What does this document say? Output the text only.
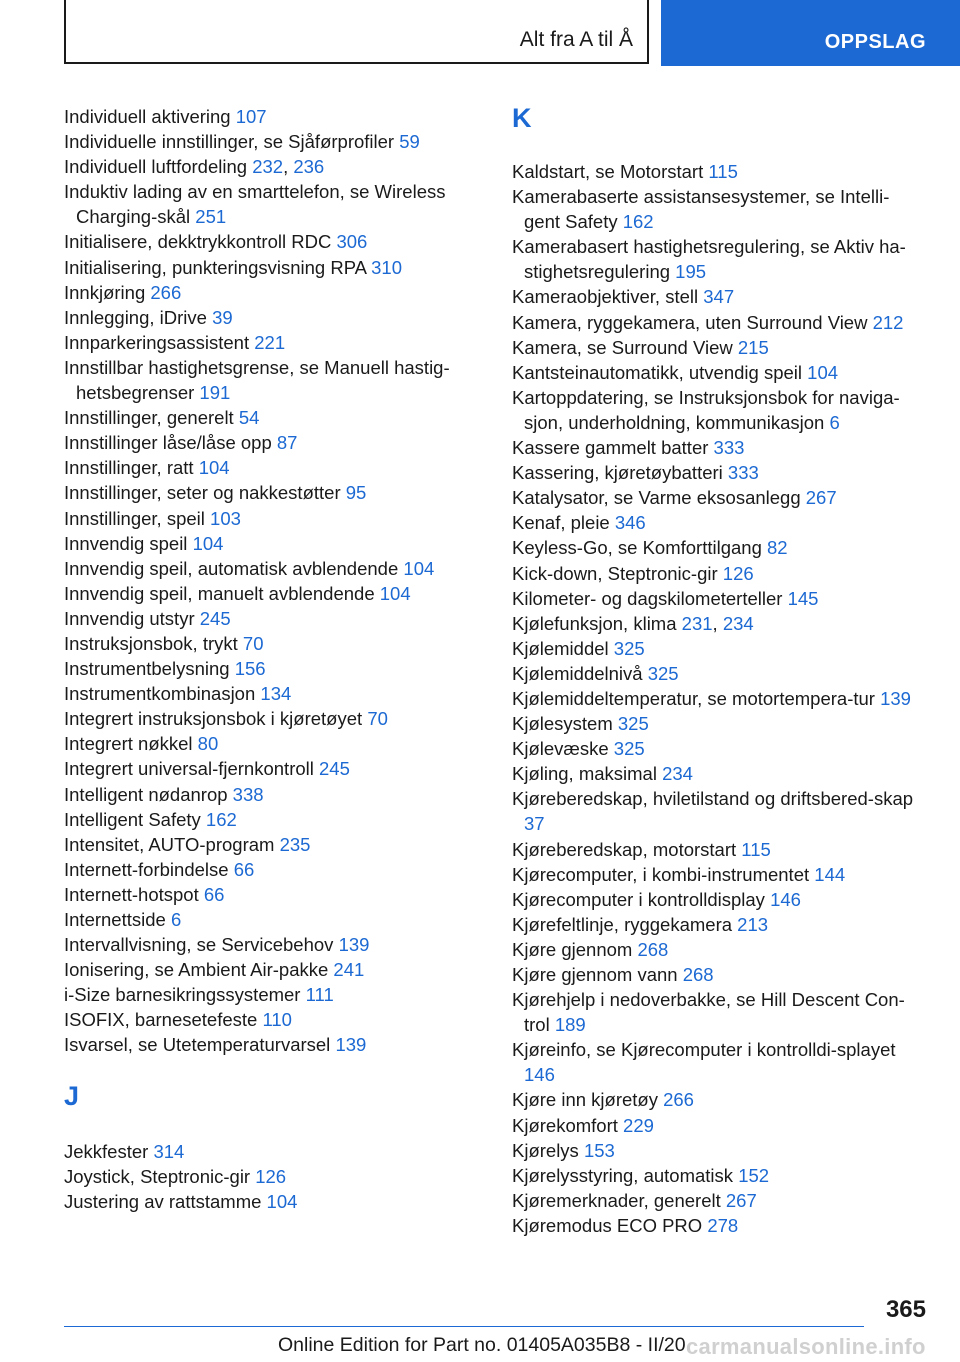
Alt fra A til Å	OPPSLAG
Individuell aktivering 107
Individuelle innstillinger, se Sjåførprofiler 59
Individuell luftfordeling 232, 236
Induktiv lading av en smarttelefon, se Wireless Charging-skål 251
Initialisere, dekktrykkontroll RDC 306
Initialisering, punkteringsvisning RPA 310
Innkjøring 266
Innlegging, iDrive 39
Innparkeringsassistent 221
Innstillbar hastighetsgrense, se Manuell hastig-hetsbegrenser 191
Innstillinger, generelt 54
Innstillinger låse/låse opp 87
Innstillinger, ratt 104
Innstillinger, seter og nakkestøtter 95
Innstillinger, speil 103
Innvendig speil 104
Innvendig speil, automatisk avblendende 104
Innvendig speil, manuelt avblendende 104
Innvendig utstyr 245
Instruksjonsbok, trykt 70
Instrumentbelysning 156
Instrumentkombinasjon 134
Integrert instruksjonsbok i kjøretøyet 70
Integrert nøkkel 80
Integrert universal-fjernkontroll 245
Intelligent nødanrop 338
Intelligent Safety 162
Intensitet, AUTO-program 235
Internett-forbindelse 66
Internett-hotspot 66
Internettside 6
Intervallvisning, se Servicebehov 139
Ionisering, se Ambient Air-pakke 241
i-Size barnesikringssystemer 111
ISOFIX, barnesetefeste 110
Isvarsel, se Utetemperaturvarsel 139
J
Jekkfester 314
Joystick, Steptronic-gir 126
Justering av rattstamme 104
K
Kaldstart, se Motorstart 115
Kamerabaserte assistansesystemer, se Intelli-gent Safety 162
Kamerabasert hastighetsregulering, se Aktiv ha-stighetsregulering 195
Kameraobjektiver, stell 347
Kamera, ryggekamera, uten Surround View 212
Kamera, se Surround View 215
Kantsteinautomatikk, utvendig speil 104
Kartoppdatering, se Instruksjonsbok for naviga-sjon, underholdning, kommunikasjon 6
Kassere gammelt batter 333
Kassering, kjøretøybatteri 333
Katalysator, se Varme eksosanlegg 267
Kenaf, pleie 346
Keyless-Go, se Komforttilgang 82
Kick-down, Steptronic-gir 126
Kilometer- og dagskilometerteller 145
Kjølefunksjon, klima 231, 234
Kjølemiddel 325
Kjølemiddelnivå 325
Kjølemiddeltemperatur, se motortempera-tur 139
Kjølesystem 325
Kjølevæske 325
Kjøling, maksimal 234
Kjøreberedskap, hviletilstand og driftsbered-skap 37
Kjøreberedskap, motorstart 115
Kjørecomputer, i kombi-instrumentet 144
Kjørecomputer i kontrolldisplay 146
Kjørefeltlinje, ryggekamera 213
Kjøre gjennom 268
Kjøre gjennom vann 268
Kjørehjelp i nedoverbakke, se Hill Descent Con-trol 189
Kjøreinfo, se Kjørecomputer i kontrolldi-splayet 146
Kjøre inn kjøretøy 266
Kjørekomfort 229
Kjørelys 153
Kjørelysstyring, automatisk 152
Kjøremerknader, generelt 267
Kjøremodus ECO PRO 278
365
Online Edition for Part no. 01405A035B8 - II/20 carmanualsonline.info
